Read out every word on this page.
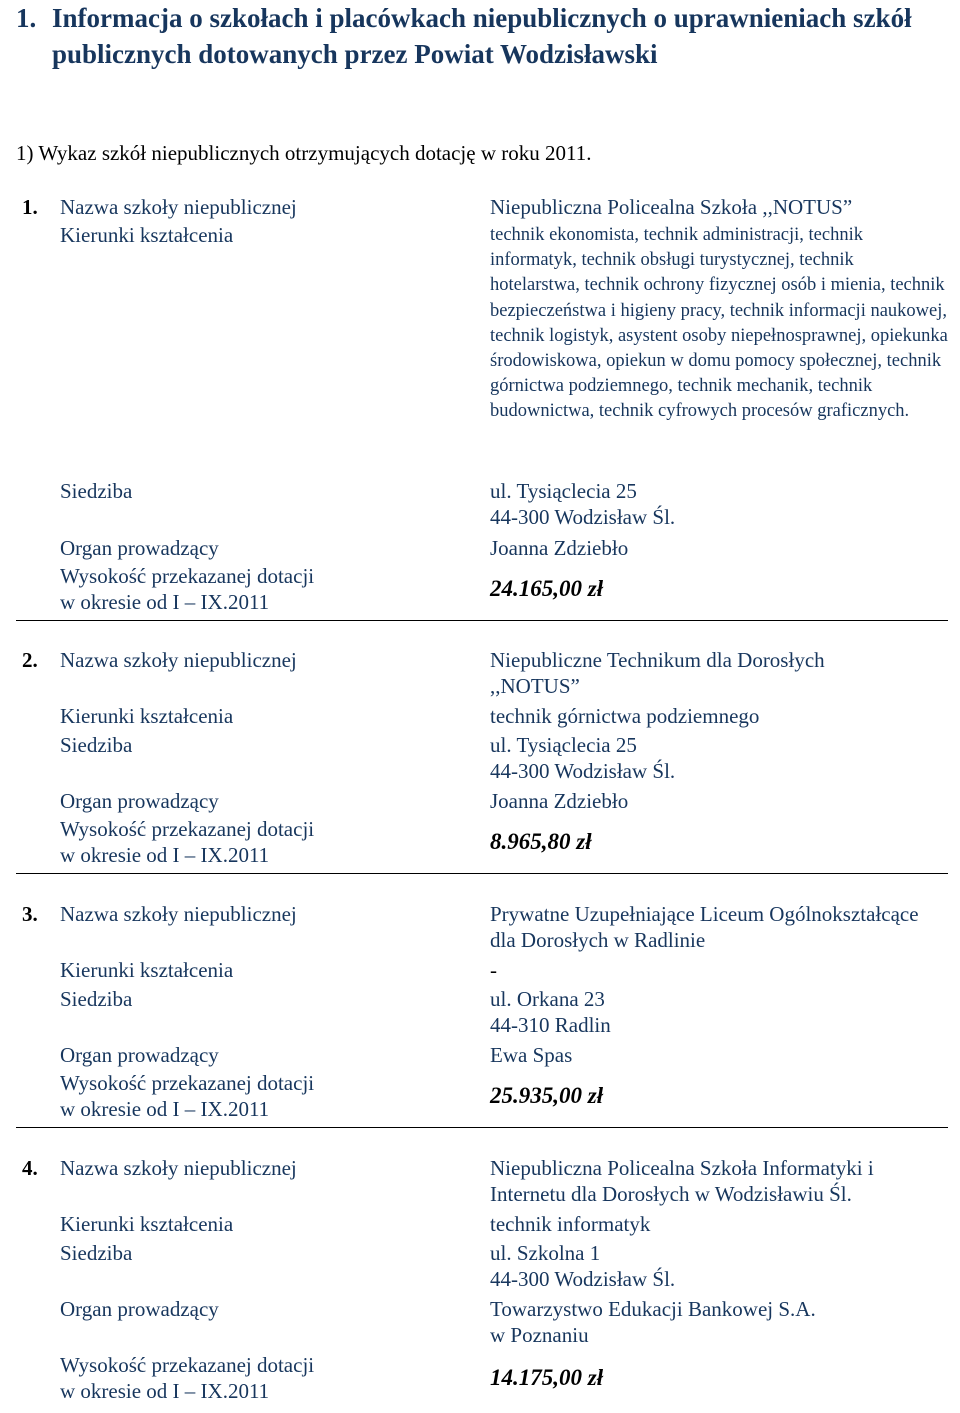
1. Informacja o szkołach i placówkach niepublicznych o uprawnieniach szkół publicznych dotowanych przez Powiat Wodzisławski

1) Wykaz szkół niepublicznych otrzymujących dotację w roku 2011.

1. Nazwa szkoły niepublicznej	Niepubliczna Policealna Szkoła ,,NOTUS”
Kierunki kształcenia	technik ekonomista, technik administracji, technik informatyk, technik obsługi turystycznej, technik hotelarstwa, technik ochrony fizycznej osób i mienia, technik bezpieczeństwa i higieny pracy, technik informacji naukowej, technik logistyk, asystent osoby niepełnosprawnej, opiekunka środowiskowa, opiekun w domu pomocy społecznej, technik górnictwa podziemnego, technik mechanik, technik budownictwa, technik cyfrowych procesów graficznych.
Siedziba	ul. Tysiąclecia 25
44-300 Wodzisław Śl.
Organ prowadzący	Joanna Zdziebło
Wysokość przekazanej dotacji
w okresie od I – IX.2011
24.165,00 zł
2. Nazwa szkoły niepublicznej	Niepubliczne Technikum dla Dorosłych ,,NOTUS”
Kierunki kształcenia	technik górnictwa podziemnego
Siedziba	ul. Tysiąclecia 25
44-300 Wodzisław Śl.
Organ prowadzący	Joanna Zdziebło
Wysokość przekazanej dotacji
w okresie od I – IX.2011
8.965,80 zł
3. Nazwa szkoły niepublicznej	Prywatne Uzupełniające Liceum Ogólnokształcące dla Dorosłych w Radlinie
Kierunki kształcenia	-
Siedziba	ul. Orkana 23
44-310 Radlin
Organ prowadzący	Ewa Spas
Wysokość przekazanej dotacji
w okresie od I – IX.2011
25.935,00 zł
4. Nazwa szkoły niepublicznej	Niepubliczna Policealna Szkoła Informatyki i Internetu dla Dorosłych w Wodzisławiu Śl.
Kierunki kształcenia	technik informatyk
Siedziba	ul. Szkolna 1
44-300 Wodzisław Śl.
Organ prowadzący	Towarzystwo Edukacji Bankowej S.A.
w Poznaniu
Wysokość przekazanej dotacji
w okresie od I – IX.2011
14.175,00 zł
